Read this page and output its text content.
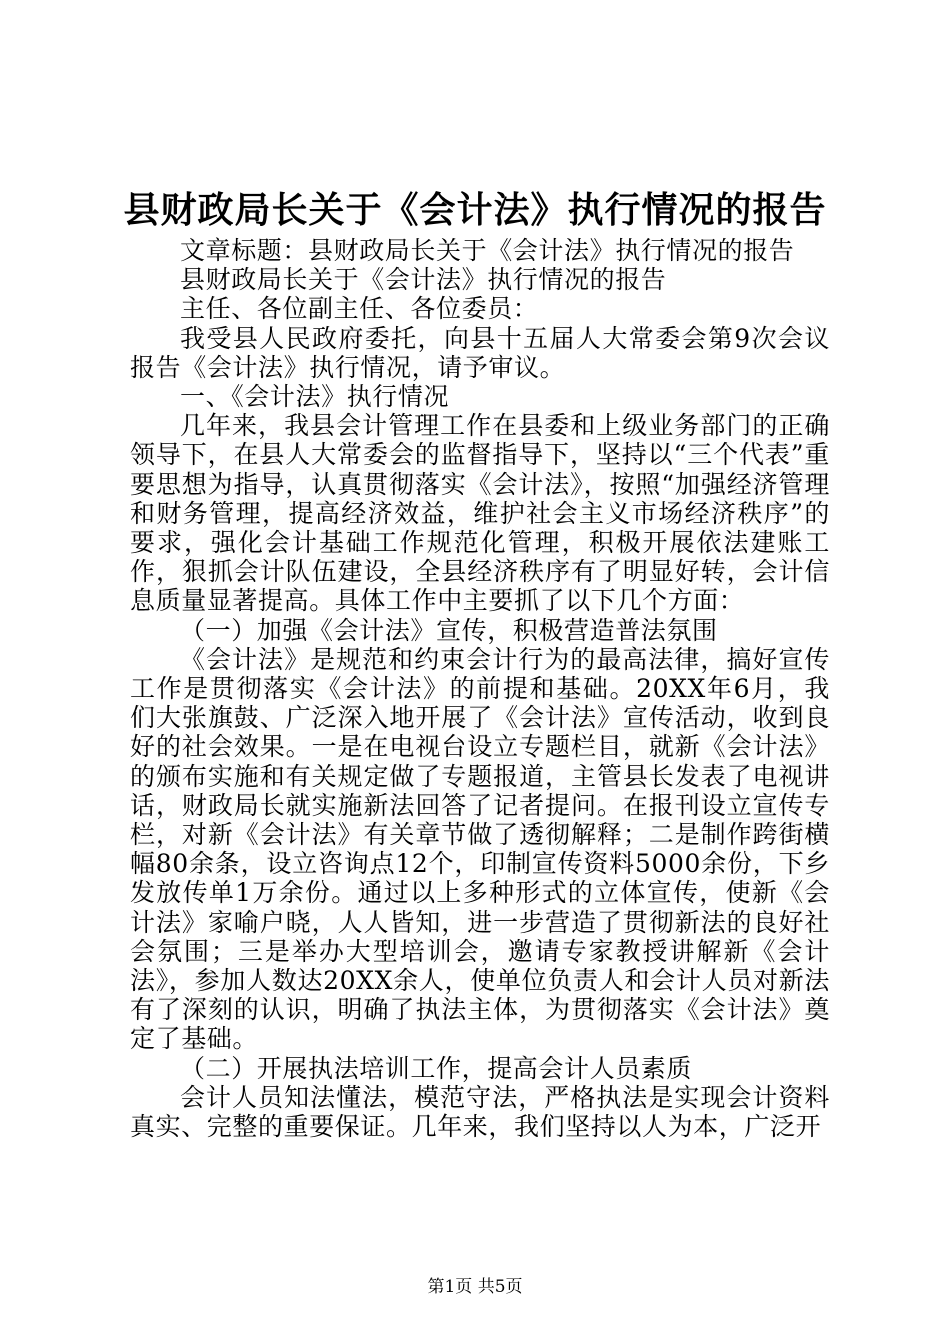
县财政局长关于《会计法》执行情况的报告

文章标题：县财政局长关于《会计法》执行情况的报告

县财政局长关于《会计法》执行情况的报告

主任、各位副主任、各位委员：

我受县人民政府委托，向县十五届人大常委会第9次会议报告《会计法》执行情况，请予审议。

一、《会计法》执行情况

几年来，我县会计管理工作在县委和上级业务部门的正确领导下，在县人大常委会的监督指导下，坚持以“三个代表”重要思想为指导，认真贯彻落实《会计法》，按照“加强经济管理和财务管理，提高经济效益，维护社会主义市场经济秩序”的要求，强化会计基础工作规范化管理，积极开展依法建账工作，狠抓会计队伍建设，全县经济秩序有了明显好转，会计信息质量显著提高。具体工作中主要抓了以下几个方面：

（一）加强《会计法》宣传，积极营造普法氛围

《会计法》是规范和约束会计行为的最高法律，搞好宣传工作是贯彻落实《会计法》的前提和基础。20XX年6月，我们大张旗鼓、广泛深入地开展了《会计法》宣传活动，收到良好的社会效果。一是在电视台设立专题栏目，就新《会计法》的颁布实施和有关规定做了专题报道，主管县长发表了电视讲话，财政局长就实施新法回答了记者提问。在报刊设立宣传专栏，对新《会计法》有关章节做了透彻解释；二是制作跨街横幅80余条，设立咨询点12个，印制宣传资料5000余份，下乡发放传单1万余份。通过以上多种形式的立体宣传，使新《会计法》家喻户晓，人人皆知，进一步营造了贯彻新法的良好社会氛围；三是举办大型培训会，邀请专家教授讲解新《会计法》，参加人数达20XX余人，使单位负责人和会计人员对新法有了深刻的认识，明确了执法主体，为贯彻落实《会计法》奠定了基础。

（二）开展执法培训工作，提高会计人员素质

会计人员知法懂法，模范守法，严格执法是实现会计资料真实、完整的重要保证。几年来，我们坚持以人为本，广泛开

第1页 共5页
